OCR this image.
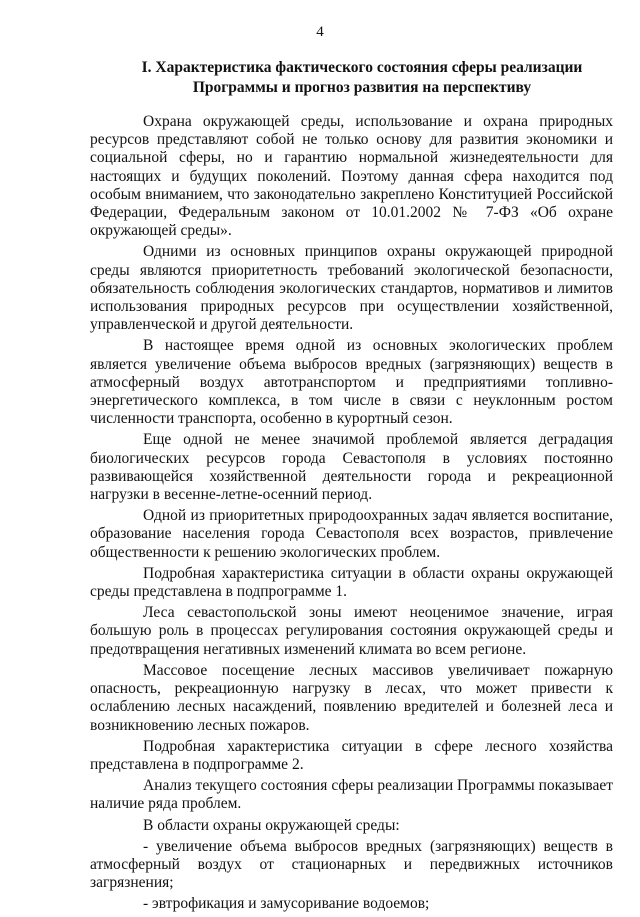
4
I. Характеристика фактического состояния сферы реализации
Программы и прогноз развития на перспективу

Охрана окружающей среды, использование и охрана природных ресурсов представляют собой не только основу для развития экономики и социальной сферы, но и гарантию нормальной жизнедеятельности для настоящих и будущих поколений. Поэтому данная сфера находится под особым вниманием, что законодательно закреплено Конституцией Российской Федерации, Федеральным законом от 10.01.2002 № 7-ФЗ «Об охране окружающей среды».

Одними из основных принципов охраны окружающей природной среды являются приоритетность требований экологической безопасности, обязательность соблюдения экологических стандартов, нормативов и лимитов использования природных ресурсов при осуществлении хозяйственной, управленческой и другой деятельности.

В настоящее время одной из основных экологических проблем является увеличение объема выбросов вредных (загрязняющих) веществ в атмосферный воздух автотранспортом и предприятиями топливно-энергетического комплекса, в том числе в связи с неуклонным ростом численности транспорта, особенно в курортный сезон.

Еще одной не менее значимой проблемой является деградация биологических ресурсов города Севастополя в условиях постоянно развивающейся хозяйственной деятельности города и рекреационной нагрузки в весенне-летне-осенний период.

Одной из приоритетных природоохранных задач является воспитание, образование населения города Севастополя всех возрастов, привлечение общественности к решению экологических проблем.

Подробная характеристика ситуации в области охраны окружающей среды представлена в подпрограмме 1.

Леса севастопольской зоны имеют неоценимое значение, играя большую роль в процессах регулирования состояния окружающей среды и предотвращения негативных изменений климата во всем регионе.

Массовое посещение лесных массивов увеличивает пожарную опасность, рекреационную нагрузку в лесах, что может привести к ослаблению лесных насаждений, появлению вредителей и болезней леса и возникновению лесных пожаров.

Подробная характеристика ситуации в сфере лесного хозяйства представлена в подпрограмме 2.

Анализ текущего состояния сферы реализации Программы показывает наличие ряда проблем.

В области охраны окружающей среды:

- увеличение объема выбросов вредных (загрязняющих) веществ в атмосферный воздух от стационарных и передвижных источников загрязнения;

- эвтрофикация и замусоривание водоемов;
